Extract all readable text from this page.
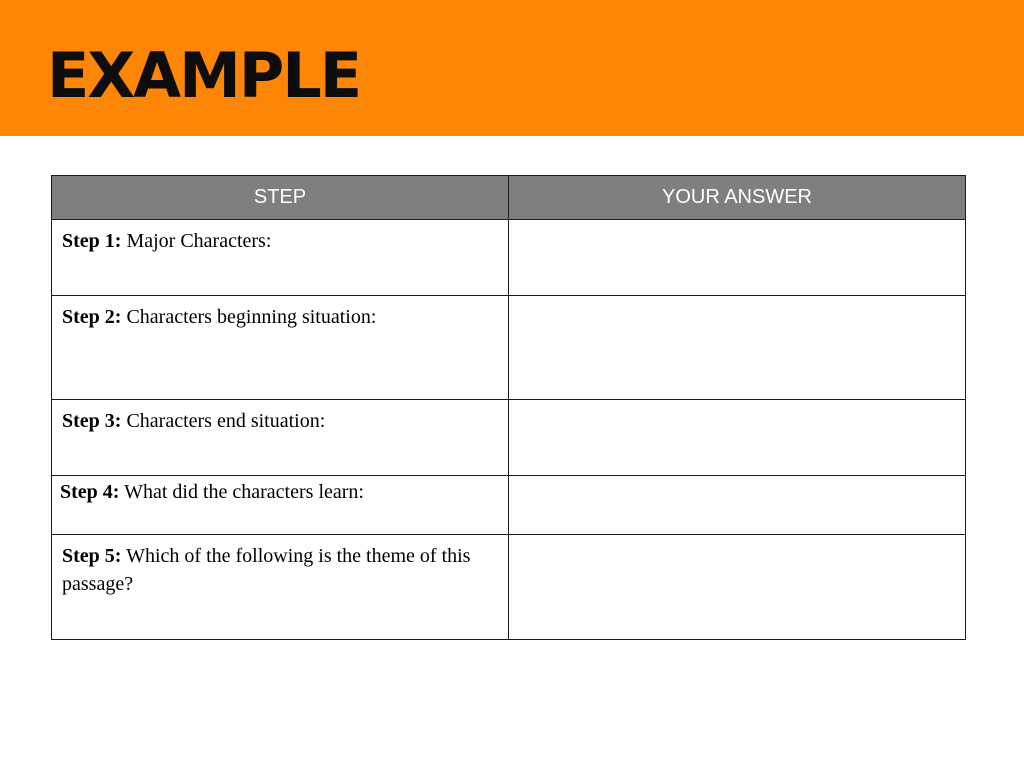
EXAMPLE
STEP	YOUR ANSWER
Step 1: Major Characters:	
Step 2: Characters beginning situation:	
Step 3: Characters end situation:	
Step 4: What did the characters learn:	
Step 5: Which of the following is the theme of this passage?	
